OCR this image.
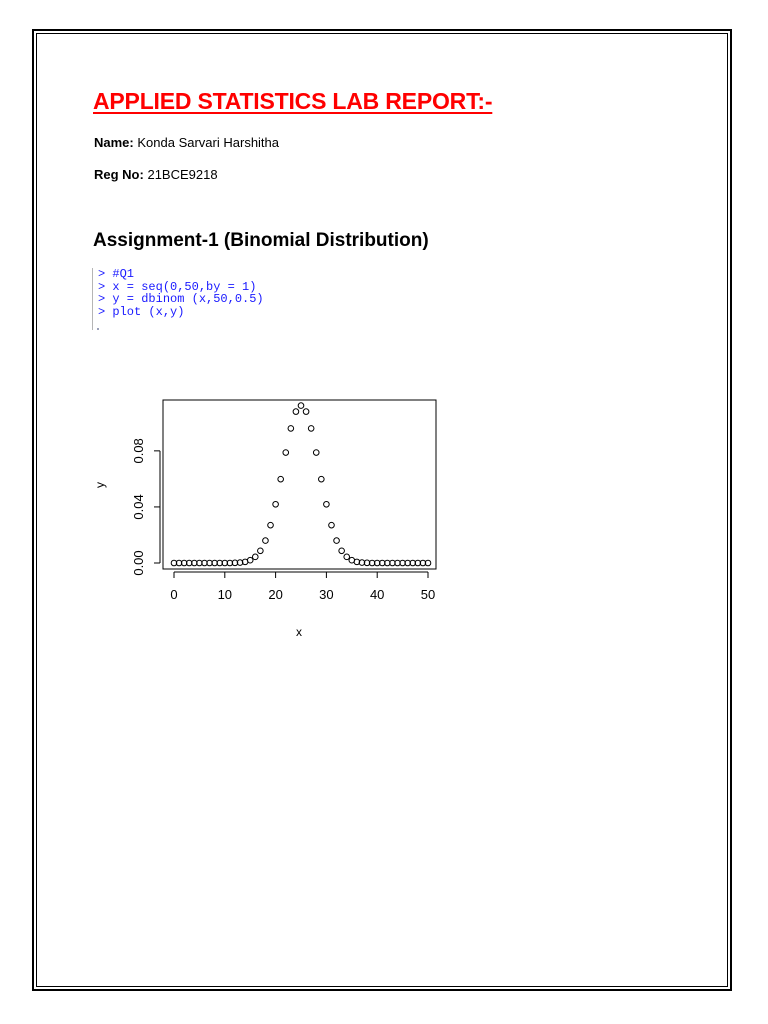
APPLIED STATISTICS LAB REPORT:-
Name: Konda Sarvari Harshitha
Reg No: 21BCE9218
Assignment-1 (Binomial Distribution)
> #Q1
> x = seq(0,50,by = 1)
> y = dbinom (x,50,0.5)
> plot (x,y)
0	10	20	30	40	50
0.00
0.04
0.08
x
y
